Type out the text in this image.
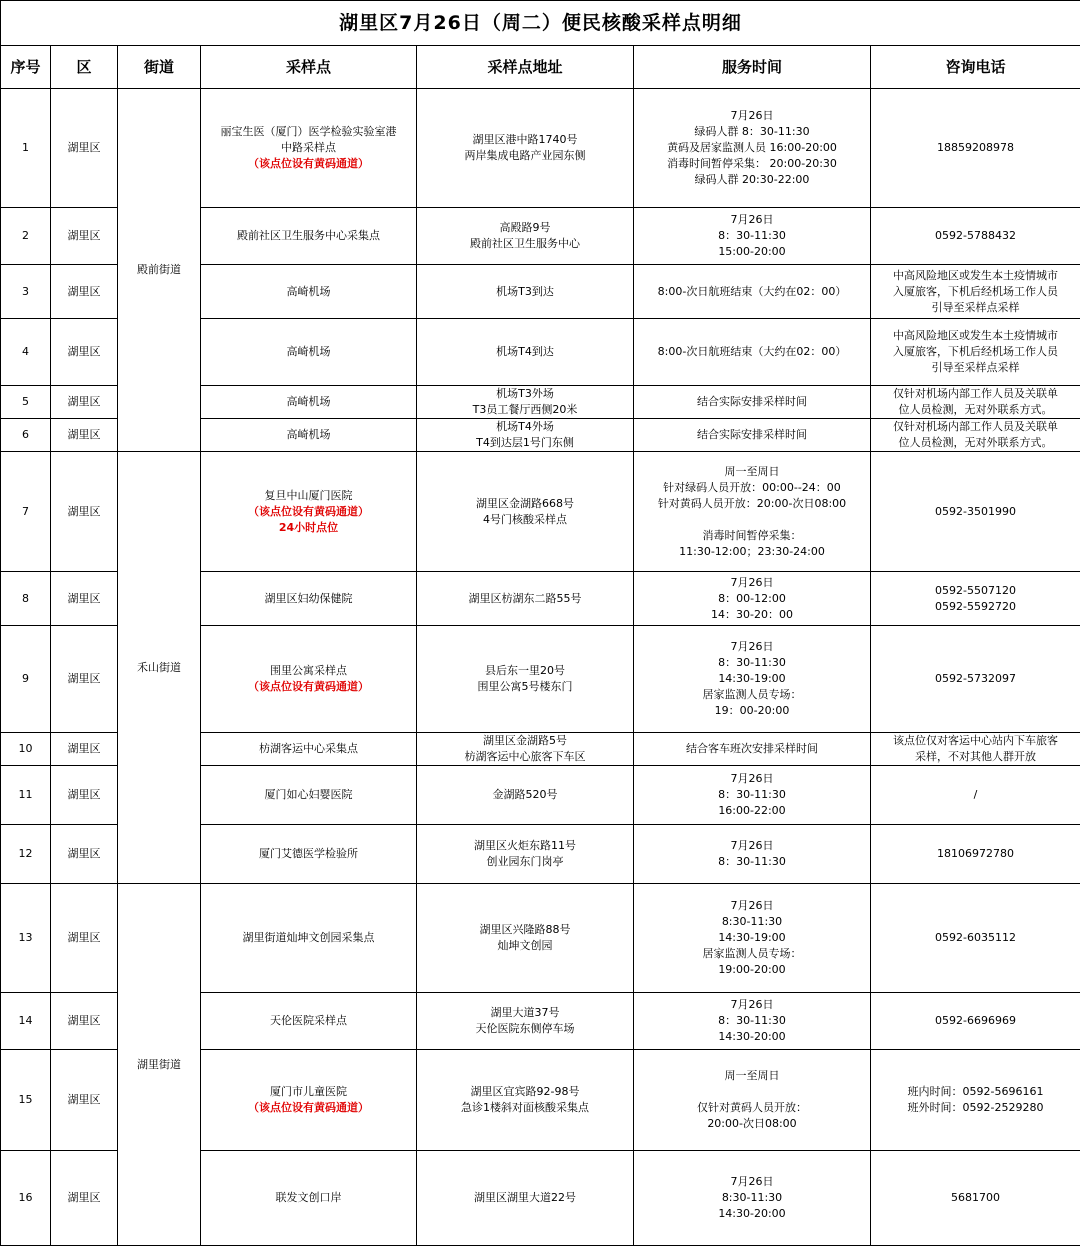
湖里区7月26日（周二）便民核酸采样点明细						
序号	区	街道	采样点	采样点地址	服务时间	咨询电话
1	湖里区	殿前街道	丽宝生医（厦门）医学检验实验室港
中路采样点
（该点位设有黄码通道）	湖里区港中路1740号
两岸集成电路产业园东侧	7月26日
绿码人群 8：30-11:30
黄码及居家监测人员 16:00-20:00
消毒时间暂停采集： 20:00-20:30
绿码人群 20:30-22:00	18859208978

2	湖里区		殿前社区卫生服务中心采集点	高殿路9号
殿前社区卫生服务中心	7月26日
8：30-11:30
15:00-20:00	0592-5788432

3	湖里区		高崎机场	机场T3到达	8:00-次日航班结束（大约在02：00）	中高风险地区或发生本土疫情城市
入厦旅客，下机后经机场工作人员
引导至采样点采样

4	湖里区		高崎机场	机场T4到达	8:00-次日航班结束（大约在02：00）	中高风险地区或发生本土疫情城市
入厦旅客，下机后经机场工作人员
引导至采样点采样

5	湖里区		高崎机场	机场T3外场
T3员工餐厅西侧20米	结合实际安排采样时间	仅针对机场内部工作人员及关联单
位人员检测，无对外联系方式。

6	湖里区		高崎机场	机场T4外场
T4到达层1号门东侧	结合实际安排采样时间	仅针对机场内部工作人员及关联单
位人员检测，无对外联系方式。

7	湖里区	禾山街道	复旦中山厦门医院
（该点位设有黄码通道）
24小时点位	湖里区金湖路668号
4号门核酸采样点	周一至周日
针对绿码人员开放：00:00--24：00
针对黄码人员开放：20:00-次日08:00
消毒时间暂停采集：
11:30-12:00；23:30-24:00	0592-3501990

8	湖里区		湖里区妇幼保健院	湖里区枋湖东二路55号	7月26日
8：00-12:00
14：30-20：00	0592-5507120
0592-5592720

9	湖里区		围里公寓采样点
（该点位设有黄码通道）	县后东一里20号
围里公寓5号楼东门	7月26日
8：30-11:30
14:30-19:00
居家监测人员专场：
19：00-20:00	0592-5732097

10	湖里区		枋湖客运中心采集点	湖里区金湖路5号
枋湖客运中心旅客下车区	结合客车班次安排采样时间	该点位仅对客运中心站内下车旅客
采样，不对其他人群开放

11	湖里区		厦门如心妇婴医院	金湖路520号	7月26日
8：30-11:30
16:00-22:00	/

12	湖里区		厦门艾德医学检验所	湖里区火炬东路11号
创业园东门岗亭	7月26日
8：30-11:30	18106972780

13	湖里区	湖里街道	湖里街道灿坤文创园采集点	湖里区兴隆路88号
灿坤文创园	7月26日
8:30-11:30
14:30-19:00
居家监测人员专场：
19:00-20:00	0592-6035112

14	湖里区		天伦医院采样点	湖里大道37号
天伦医院东侧停车场	7月26日
8：30-11:30
14:30-20:00	0592-6696969

15	湖里区		厦门市儿童医院
（该点位设有黄码通道）	湖里区宜宾路92-98号
急诊1楼斜对面核酸采集点	周一至周日
仅针对黄码人员开放：
20:00-次日08:00	班内时间：0592-5696161
班外时间：0592-2529280

16	湖里区		联发文创口岸	湖里区湖里大道22号	7月26日
8:30-11:30
14:30-20:00	5681700
